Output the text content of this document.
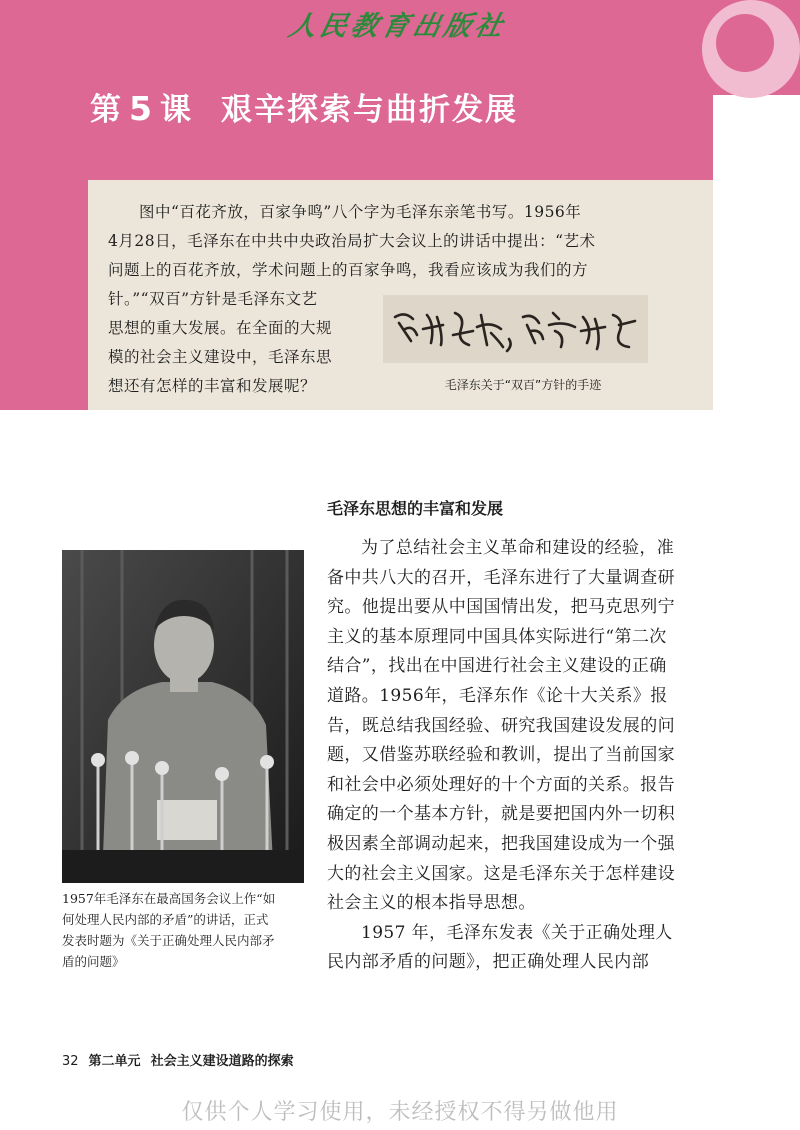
人民教育出版社
第 5 课 艰辛探索与曲折发展
图中“百花齐放，百家争鸣”八个字为毛泽东亲笔书写。1956年
4月28日，毛泽东在中共中央政治局扩大会议上的讲话中提出：“艺术
问题上的百花齐放，学术问题上的百家争鸣，我看应该成为我们的方
针。”“双百”方针是毛泽东文艺
思想的重大发展。在全面的大规
模的社会主义建设中，毛泽东思
想还有怎样的丰富和发展呢？	毛泽东关于“双百”方针的手迹
毛泽东思想的丰富和发展
为了总结社会主义革命和建设的经验，准
备中共八大的召开，毛泽东进行了大量调查研
究。他提出要从中国国情出发，把马克思列宁
主义的基本原理同中国具体实际进行“第二次
结合”，找出在中国进行社会主义建设的正确
道路。1956年，毛泽东作《论十大关系》报
告，既总结我国经验、研究我国建设发展的问
题，又借鉴苏联经验和教训，提出了当前国家
和社会中必须处理好的十个方面的关系。报告
确定的一个基本方针，就是要把国内外一切积
极因素全部调动起来，把我国建设成为一个强
大的社会主义国家。这是毛泽东关于怎样建设
社会主义的根本指导思想。
1957 年，毛泽东发表《关于正确处理人
民内部矛盾的问题》，把正确处理人民内部
1957年毛泽东在最高国务会议上作“如
何处理人民内部的矛盾”的讲话，正式
发表时题为《关于正确处理人民内部矛
盾的问题》
32 第二单元 社会主义建设道路的探索
仅供个人学习使用，未经授权不得另做他用
